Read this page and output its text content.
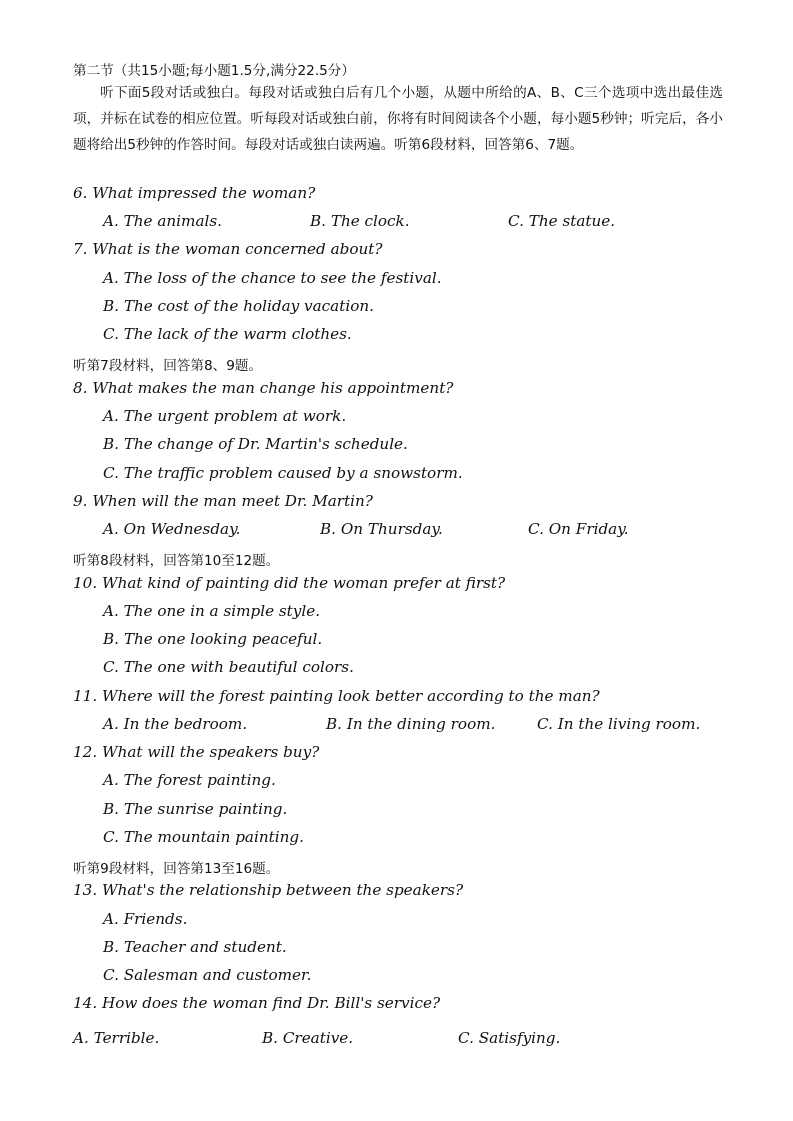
第二节（共15小题;每小题1.5分,满分22.5分）
听下面5段对话或独白。每段对话或独白后有几个小题，从题中所给的A、B、C三个选项中选出最佳选项，并标在试卷的相应位置。听每段对话或独白前，你将有时间阅读各个小题，每小题5秒钟；听完后，各小题将给出5秒钟的作答时间。每段对话或独白读两遍。听第6段材料，回答第6、7题。
6. What impressed the woman?
A. The animals.	B. The clock.	C. The statue.
7. What is the woman concerned about?
A. The loss of the chance to see the festival.
B. The cost of the holiday vacation.
C. The lack of the warm clothes.
听第7段材料，回答第8、9题。
8. What makes the man change his appointment?
A. The urgent problem at work.
B. The change of Dr. Martin's schedule.
C. The traffic problem caused by a snowstorm.
9. When will the man meet Dr. Martin?
A. On Wednesday.	B. On Thursday.	C. On Friday.
听第8段材料，回答第10至12题。
10. What kind of painting did the woman prefer at first?
A. The one in a simple style.
B. The one looking peaceful.
C. The one with beautiful colors.
11. Where will the forest painting look better according to the man?
A. In the bedroom.	B. In the dining room.	C. In the living room.
12. What will the speakers buy?
A. The forest painting.
B. The sunrise painting.
C. The mountain painting.
听第9段材料，回答第13至16题。
13. What's the relationship between the speakers?
A. Friends.
B. Teacher and student.
C. Salesman and customer.
14. How does the woman find Dr. Bill's service?
A. Terrible.	B. Creative.	C. Satisfying.
